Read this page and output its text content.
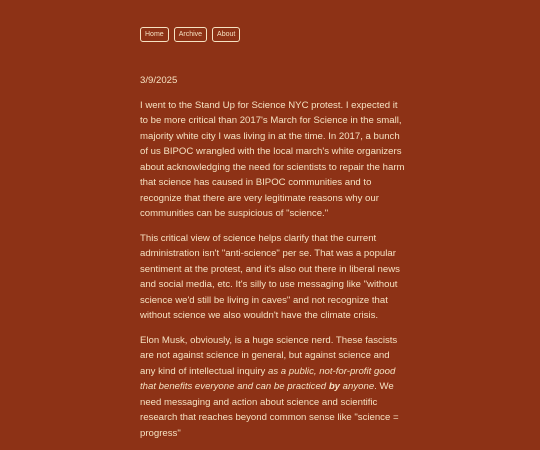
Home	Archive	About
3/9/2025

I went to the Stand Up for Science NYC protest. I expected it to be more critical than 2017's March for Science in the small, majority white city I was living in at the time. In 2017, a bunch of us BIPOC wrangled with the local march's white organizers about acknowledging the need for scientists to repair the harm that science has caused in BIPOC communities and to recognize that there are very legitimate reasons why our communities can be suspicious of "science."

This critical view of science helps clarify that the current administration isn't "anti-science" per se. That was a popular sentiment at the protest, and it's also out there in liberal news and social media, etc. It's silly to use messaging like "without science we'd still be living in caves" and not recognize that without science we also wouldn't have the climate crisis.

Elon Musk, obviously, is a huge science nerd. These fascists are not against science in general, but against science and any kind of intellectual inquiry as a public, not-for-profit good that benefits everyone and can be practiced by anyone. We need messaging and action about science and scientific research that reaches beyond common sense like "science = progress"
